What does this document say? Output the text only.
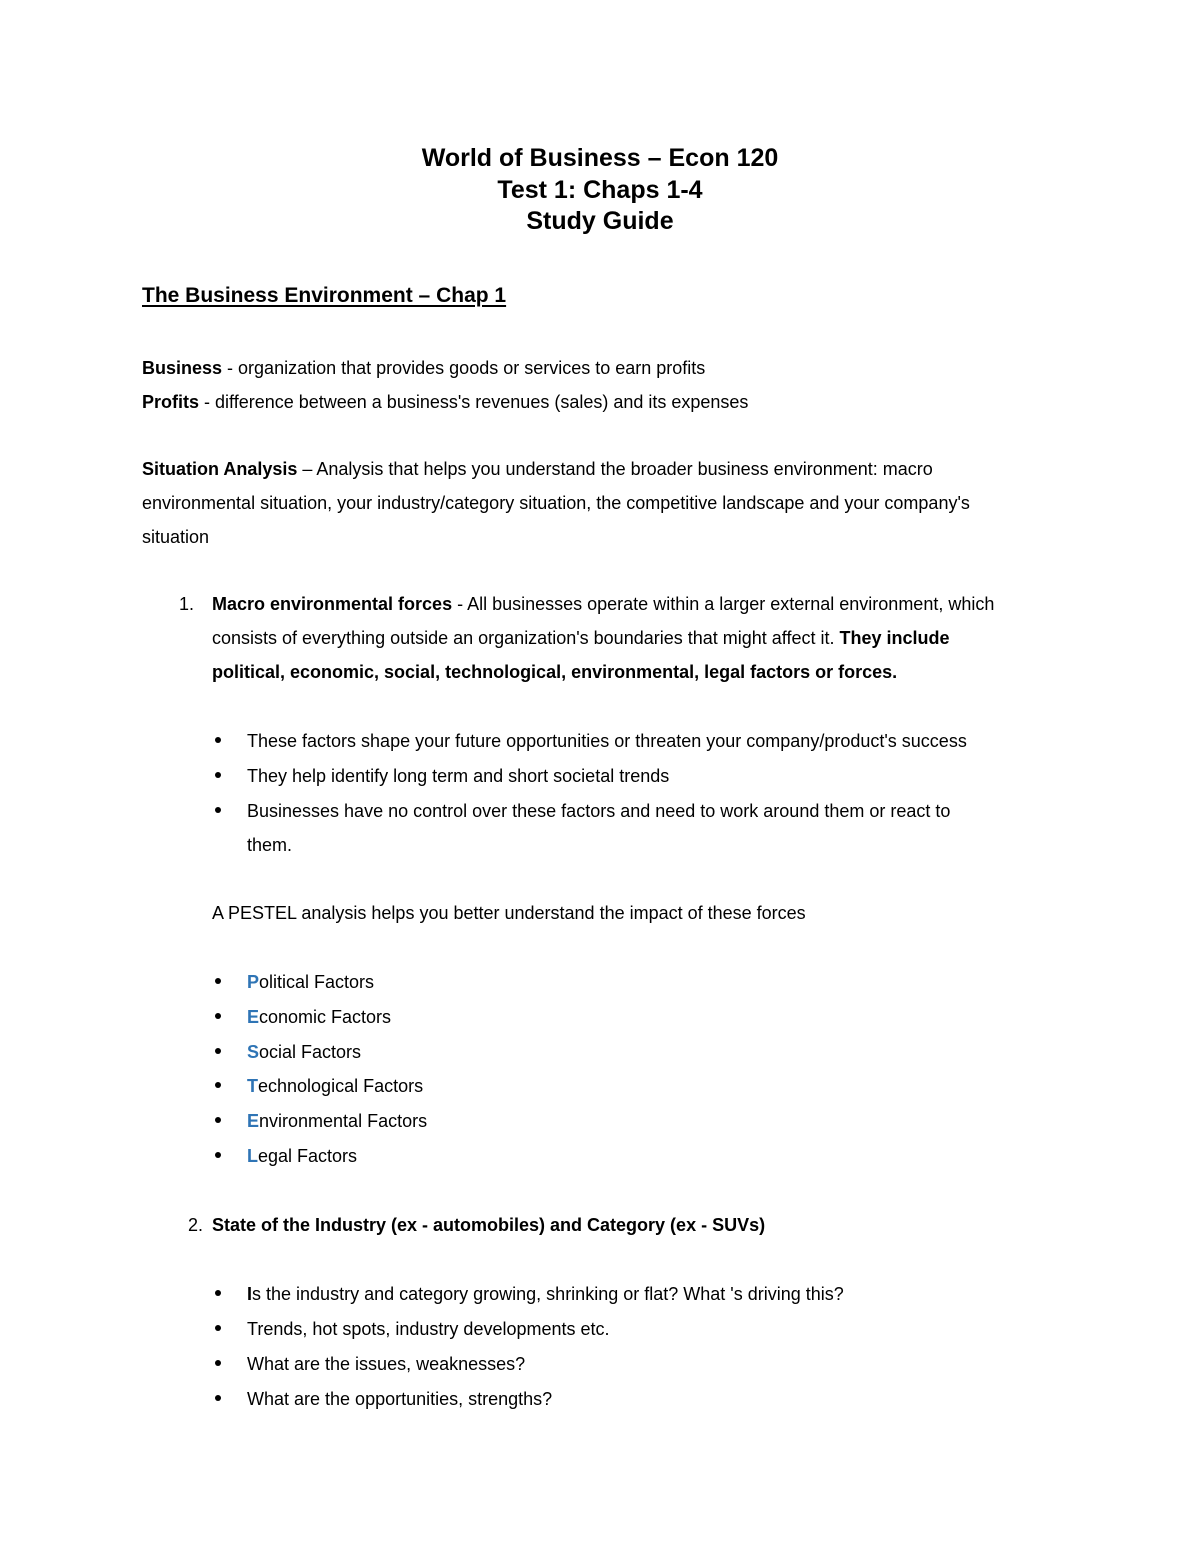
World of Business – Econ 120
Test 1: Chaps 1-4
Study Guide
The Business Environment – Chap 1
Business - organization that provides goods or services to earn profits
Profits - difference between a business's revenues (sales) and its expenses
Situation Analysis – Analysis that helps you understand the broader business environment: macro
environmental situation, your industry/category situation, the competitive landscape and your company's
situation
1. Macro environmental forces - All businesses operate within a larger external environment, which
consists of everything outside an organization's boundaries that might affect it. They include
political, economic, social, technological, environmental, legal factors or forces.
These factors shape your future opportunities or threaten your company/product's success
They help identify long term and short societal trends
Businesses have no control over these factors and need to work around them or react to
them.
A PESTEL analysis helps you better understand the impact of these forces
Political Factors
Economic Factors
Social Factors
Technological Factors
Environmental Factors
Legal Factors
2. State of the Industry (ex - automobiles) and Category (ex - SUVs)
Is the industry and category growing, shrinking or flat? What 's driving this?
Trends, hot spots, industry developments etc.
What are the issues, weaknesses?
What are the opportunities, strengths?
